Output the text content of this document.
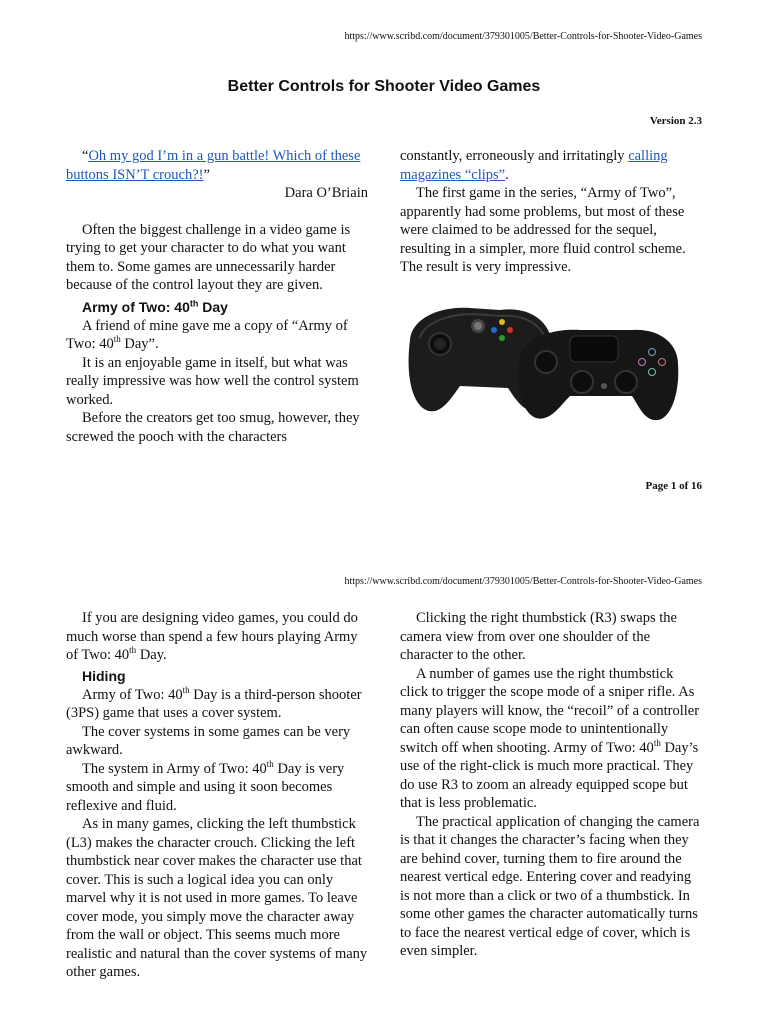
https://www.scribd.com/document/379301005/Better-Controls-for-Shooter-Video-Games
Better Controls for Shooter Video Games
Version 2.3

“Oh my god I’m in a gun battle! Which of these buttons ISN’T crouch?!”

Dara O’Briain

Often the biggest challenge in a video game is trying to get your character to do what you want them to. Some games are unnecessarily harder because of the control layout they are given.

Army of Two: 40th Day

A friend of mine gave me a copy of “Army of Two: 40th Day”.

It is an enjoyable game in itself, but what was really impressive was how well the control system worked.

Before the creators get too smug, however, they screwed the pooch with the characters

constantly, erroneously and irritatingly calling magazines “clips”.

The first game in the series, “Army of Two”, apparently had some problems, but most of these were claimed to be addressed for the sequel, resulting in a simpler, more fluid control scheme. The result is very impressive.

Page 1 of 16
https://www.scribd.com/document/379301005/Better-Controls-for-Shooter-Video-Games

If you are designing video games, you could do much worse than spend a few hours playing Army of Two: 40th Day.

Hiding

Army of Two: 40th Day is a third-person shooter (3PS) game that uses a cover system.

The cover systems in some games can be very awkward.

The system in Army of Two: 40th Day is very smooth and simple and using it soon becomes reflexive and fluid.

As in many games, clicking the left thumbstick (L3) makes the character crouch. Clicking the left thumbstick near cover makes the character use that cover. This is such a logical idea you can only marvel why it is not used in more games. To leave cover mode, you simply move the character away from the wall or object. This seems much more realistic and natural than the cover systems of many other games.

Clicking the right thumbstick (R3) swaps the camera view from over one shoulder of the character to the other.

A number of games use the right thumbstick click to trigger the scope mode of a sniper rifle. As many players will know, the “recoil” of a controller can often cause scope mode to unintentionally switch off when shooting. Army of Two: 40th Day’s use of the right-click is much more practical. They do use R3 to zoom an already equipped scope but that is less problematic.

The practical application of changing the camera is that it changes the character’s facing when they are behind cover, turning them to fire around the nearest vertical edge. Entering cover and readying is not more than a click or two of a thumbstick. In some other games the character automatically turns to face the nearest vertical edge of cover, which is even simpler.
